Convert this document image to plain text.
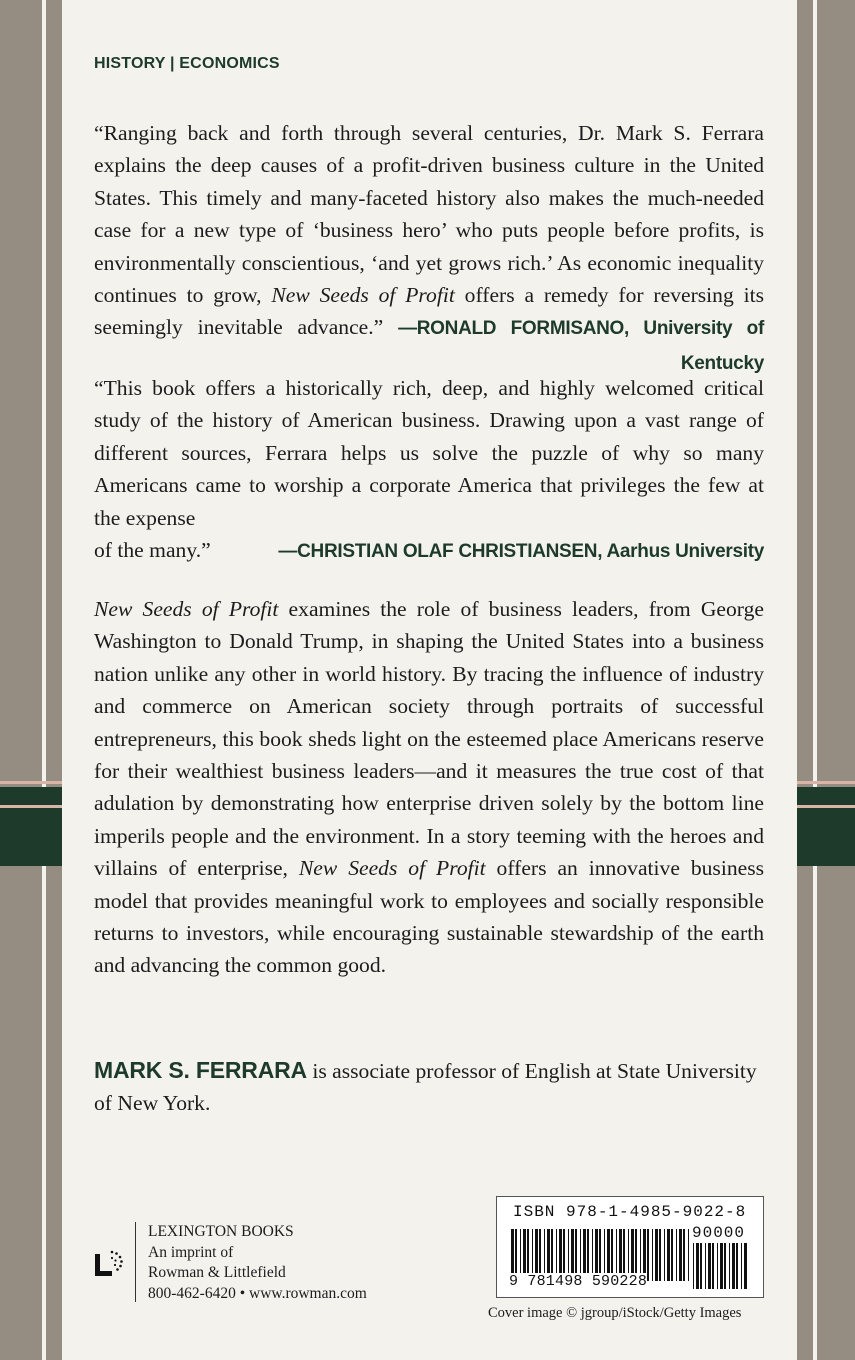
HISTORY | ECONOMICS

“Ranging back and forth through several centuries, Dr. Mark S. Ferrara explains the deep causes of a profit-driven business culture in the United States. This timely and many-faceted history also makes the much-needed case for a new type of ‘business hero’ who puts people before profits, is environmentally conscientious, ‘and yet grows rich.’ As economic inequality continues to grow, New Seeds of Profit offers a remedy for reversing its seemingly inevitable advance.” —RONALD FORMISANO, University of Kentucky

“This book offers a historically rich, deep, and highly welcomed critical study of the history of American business. Drawing upon a vast range of different sources, Ferrara helps us solve the puzzle of why so many Americans came to worship a corporate America that privileges the few at the expense

of the many.”	—CHRISTIAN OLAF CHRISTIANSEN, Aarhus University

New Seeds of Profit examines the role of business leaders, from George Washington to Donald Trump, in shaping the United States into a business nation unlike any other in world history. By tracing the influence of industry and commerce on American society through portraits of successful entrepreneurs, this book sheds light on the esteemed place Americans reserve for their wealthiest business leaders—and it measures the true cost of that adulation by demonstrating how enterprise driven solely by the bottom line imperils people and the environment. In a story teeming with the heroes and villains of enterprise, New Seeds of Profit offers an innovative business model that provides meaningful work to employees and socially responsible returns to investors, while encouraging sustainable stewardship of the earth and advancing the common good.

MARK S. FERRARA is associate professor of English at State University of New York.

LEXINGTON BOOKS
An imprint of
Rowman & Littlefield
800-462-6420 • www.rowman.com
ISBN 978-1-4985-9022-8
90000
9 781498 590228
Cover image © jgroup/iStock/Getty Images
